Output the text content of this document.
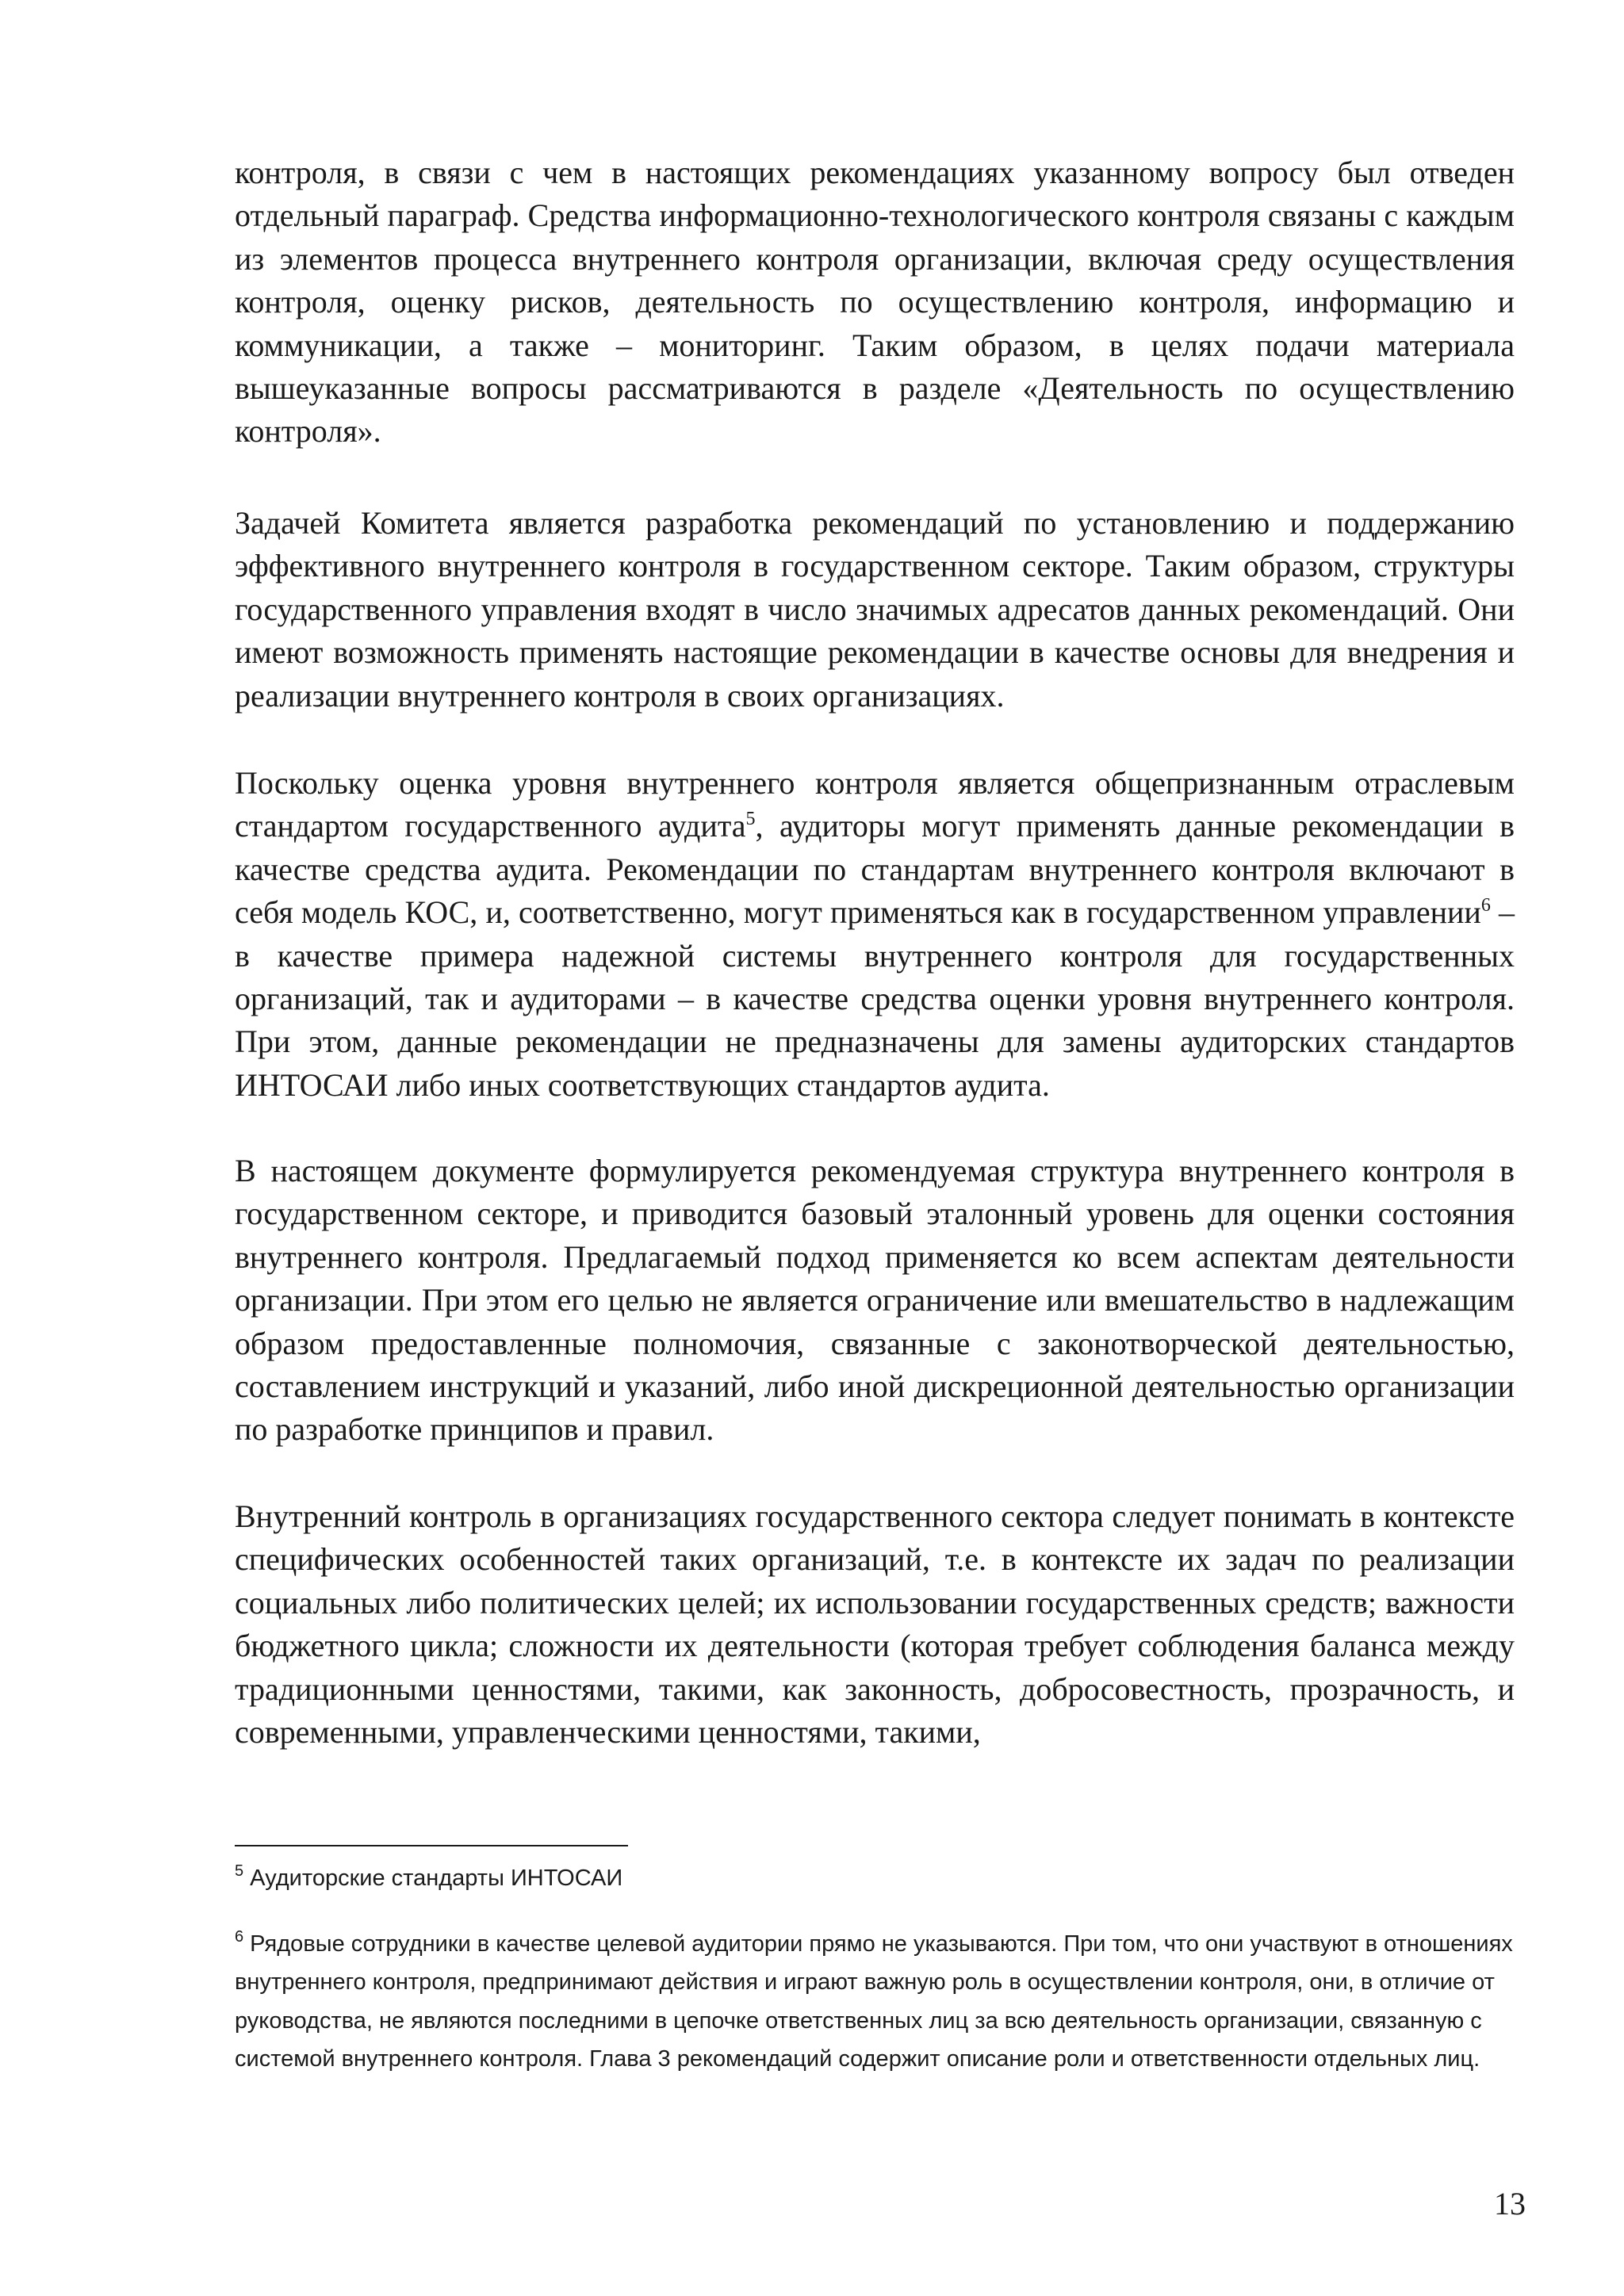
контроля, в связи с чем в настоящих рекомендациях указанному вопросу был отведен отдельный параграф. Средства информационно-технологического контроля связаны с каждым из элементов процесса внутреннего контроля организации, включая среду осуществления контроля, оценку рисков, деятельность по осуществлению контроля, информацию и коммуникации, а также – мониторинг. Таким образом, в целях подачи материала вышеуказанные вопросы рассматриваются в разделе «Деятельность по осуществлению контроля».

Задачей Комитета является разработка рекомендаций по установлению и поддержанию эффективного внутреннего контроля в государственном секторе. Таким образом, структуры государственного управления входят в число значимых адресатов данных рекомендаций. Они имеют возможность применять настоящие рекомендации в качестве основы для внедрения и реализации внутреннего контроля в своих организациях.

Поскольку оценка уровня внутреннего контроля является общепризнанным отраслевым стандартом государственного аудита$^5$, аудиторы могут применять данные рекомендации в качестве средства аудита. Рекомендации по стандартам внутреннего контроля включают в себя модель КОС, и, соответственно, могут применяться как в государственном управлении$^6$ – в качестве примера надежной системы внутреннего контроля для государственных организаций, так и аудиторами – в качестве средства оценки уровня внутреннего контроля. При этом, данные рекомендации не предназначены для замены аудиторских стандартов ИНТОСАИ либо иных соответствующих стандартов аудита.

В настоящем документе формулируется рекомендуемая структура внутреннего контроля в государственном секторе, и приводится базовый эталонный уровень для оценки состояния внутреннего контроля. Предлагаемый подход применяется ко всем аспектам деятельности организации. При этом его целью не является ограничение или вмешательство в надлежащим образом предоставленные полномочия, связанные с законотворческой деятельностью, составлением инструкций и указаний, либо иной дискреционной деятельностью организации по разработке принципов и правил.

Внутренний контроль в организациях государственного сектора следует понимать в контексте специфических особенностей таких организаций, т.е. в контексте их задач по реализации социальных либо политических целей; их использовании государственных средств; важности бюджетного цикла; сложности их деятельности (которая требует соблюдения баланса между традиционными ценностями, такими, как законность, добросовестность, прозрачность, и современными, управленческими ценностями, такими,

$^5$ Аудиторские стандарты ИНТОСАИ

$^6$ Рядовые сотрудники в качестве целевой аудитории прямо не указываются. При том, что они участвуют в отношениях внутреннего контроля, предпринимают действия и играют важную роль в осуществлении контроля, они, в отличие от руководства, не являются последними в цепочке ответственных лиц за всю деятельность организации, связанную с системой внутреннего контроля. Глава 3 рекомендаций содержит описание роли и ответственности отдельных лиц.

13
